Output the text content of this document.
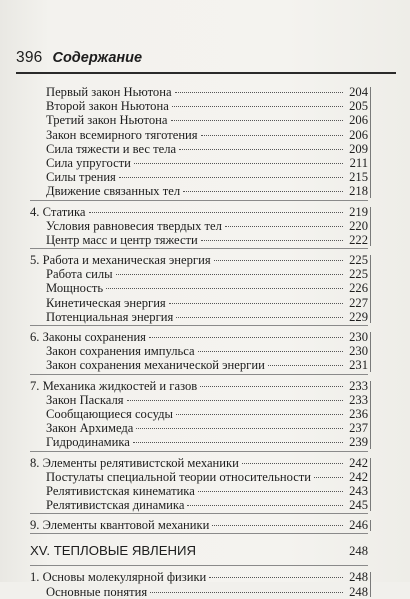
396 Содержание
Первый закон Ньютона	204
Второй закон Ньютона	205
Третий закон Ньютона	206
Закон всемирного тяготения	206
Сила тяжести и вес тела	209
Сила упругости	211
Силы трения	215
Движение связанных тел	218
4. Статика	219
Условия равновесия твердых тел	220
Центр масс и центр тяжести	222
5. Работа и механическая энергия	225
Работа силы	225
Мощность	226
Кинетическая энергия	227
Потенциальная энергия	229
6. Законы сохранения	230
Закон сохранения импульса	230
Закон сохранения механической энергии	231
7. Механика жидкостей и газов	233
Закон Паскаля	233
Сообщающиеся сосуды	236
Закон Архимеда	237
Гидродинамика	239
8. Элементы релятивистской механики	242
Постулаты специальной теории относительности	242
Релятивистская кинематика	243
Релятивистская динамика	245
9. Элементы квантовой механики	246
XV. ТЕПЛОВЫЕ ЯВЛЕНИЯ	248
1. Основы молекулярной физики	248
Основные понятия	248
